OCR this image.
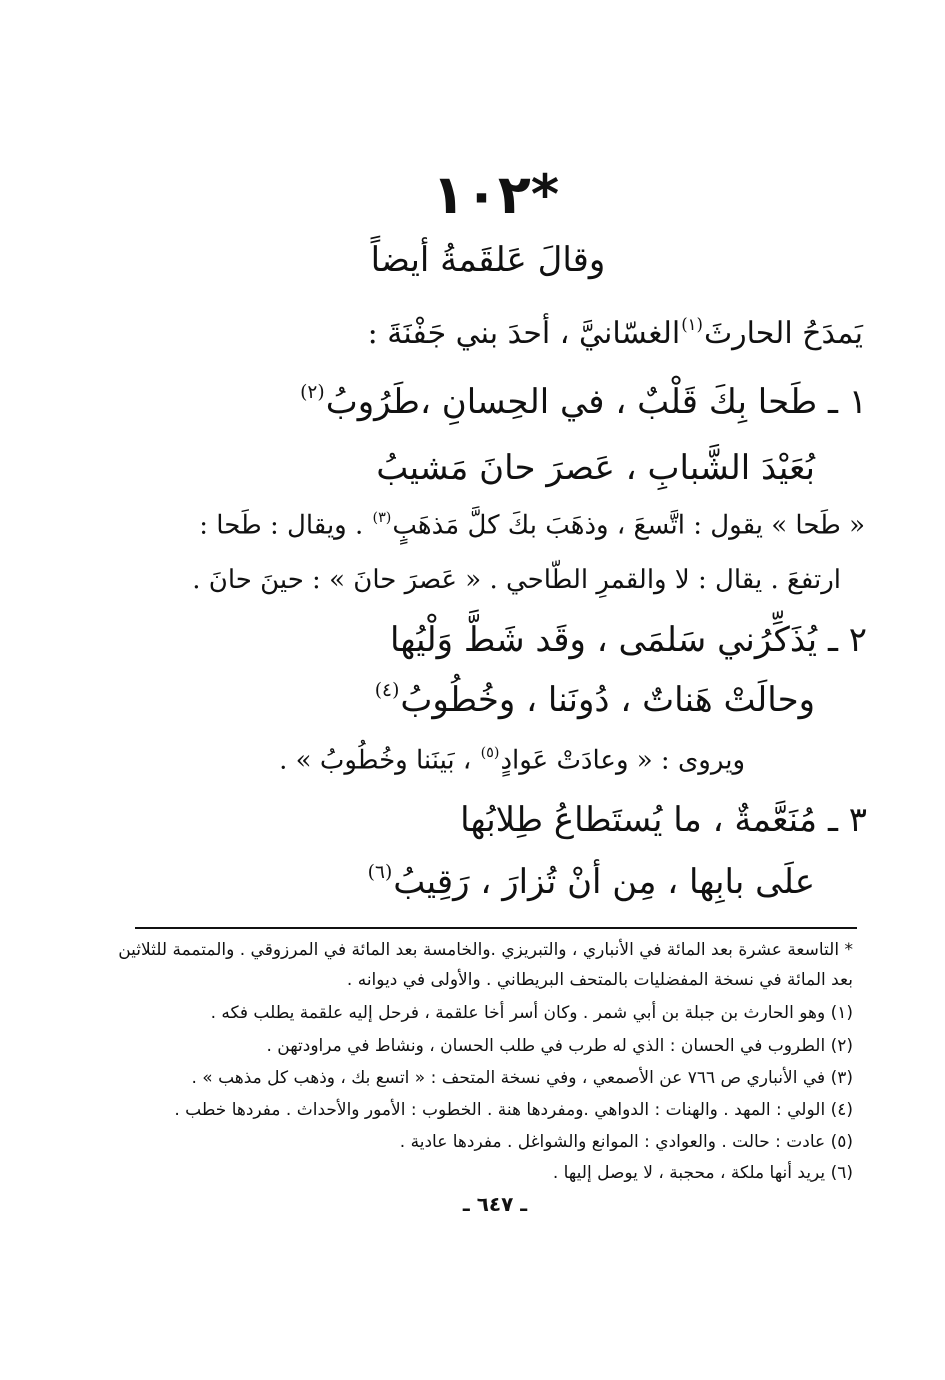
١٠٢*
وقالَ عَلقَمةُ أيضاً
يَمدَحُ الحارثَ$^{(١)}$الغسّانيَّ ، أحدَ بني جَفْنَةَ :
١ ـ طَحا بِكَ قَلْبٌ ، في الحِسانِ ،طَرُوبُ$^{(٢)}$
بُعَيْدَ الشَّبابِ ، عَصرَ حانَ مَشيبُ
« طَحا » يقول : اتَّسعَ ، وذهَبَ بكَ كلَّ مَذهَبٍ$^{(٣)}$ . ويقال : طَحا :
ارتفعَ . يقال : لا والقمرِ الطّاحي . « عَصرَ حانَ » : حينَ حانَ .
٢ ـ يُذَكِّرُني سَلمَى ، وقَد شَطَّ وَلْيُها
وحالَتْ هَناتٌ ، دُونَنا ، وخُطُوبُ$^{(٤)}$
ويروى : « وعادَتْ عَوادٍ$^{(٥)}$ ، بَينَنا وخُطُوبُ » .
٣ ـ مُنَعَّمةٌ ، ما يُستَطاعُ طِلابُها
علَى بابِها ، مِن أنْ تُزارَ ، رَقِيبُ$^{(٦)}$
* التاسعة عشرة بعد المائة في الأنباري ، والتبريزي .والخامسة بعد المائة في المرزوقي . والمتممة للثلاثين
بعد المائة في نسخة المفضليات بالمتحف البريطاني . والأولى في ديوانه .
(١) وهو الحارث بن جبلة بن أبي شمر . وكان أسر أخا علقمة ، فرحل إليه علقمة يطلب فكه .
(٢) الطروب في الحسان : الذي له طرب في طلب الحسان ، ونشاط في مراودتهن .
(٣) في الأنباري ص ٧٦٦ عن الأصمعي ، وفي نسخة المتحف : « اتسع بك ، وذهب كل مذهب » .
(٤) الولي : المهد . والهنات : الدواهي .ومفردها هنة . الخطوب : الأمور والأحداث . مفردها خطب .
(٥) عادت : حالت . والعوادي : الموانع والشواغل . مفردها عادية .
(٦) يريد أنها ملكة ، محجبة ، لا يوصل إليها .
ـ ٦٤٧ ـ
